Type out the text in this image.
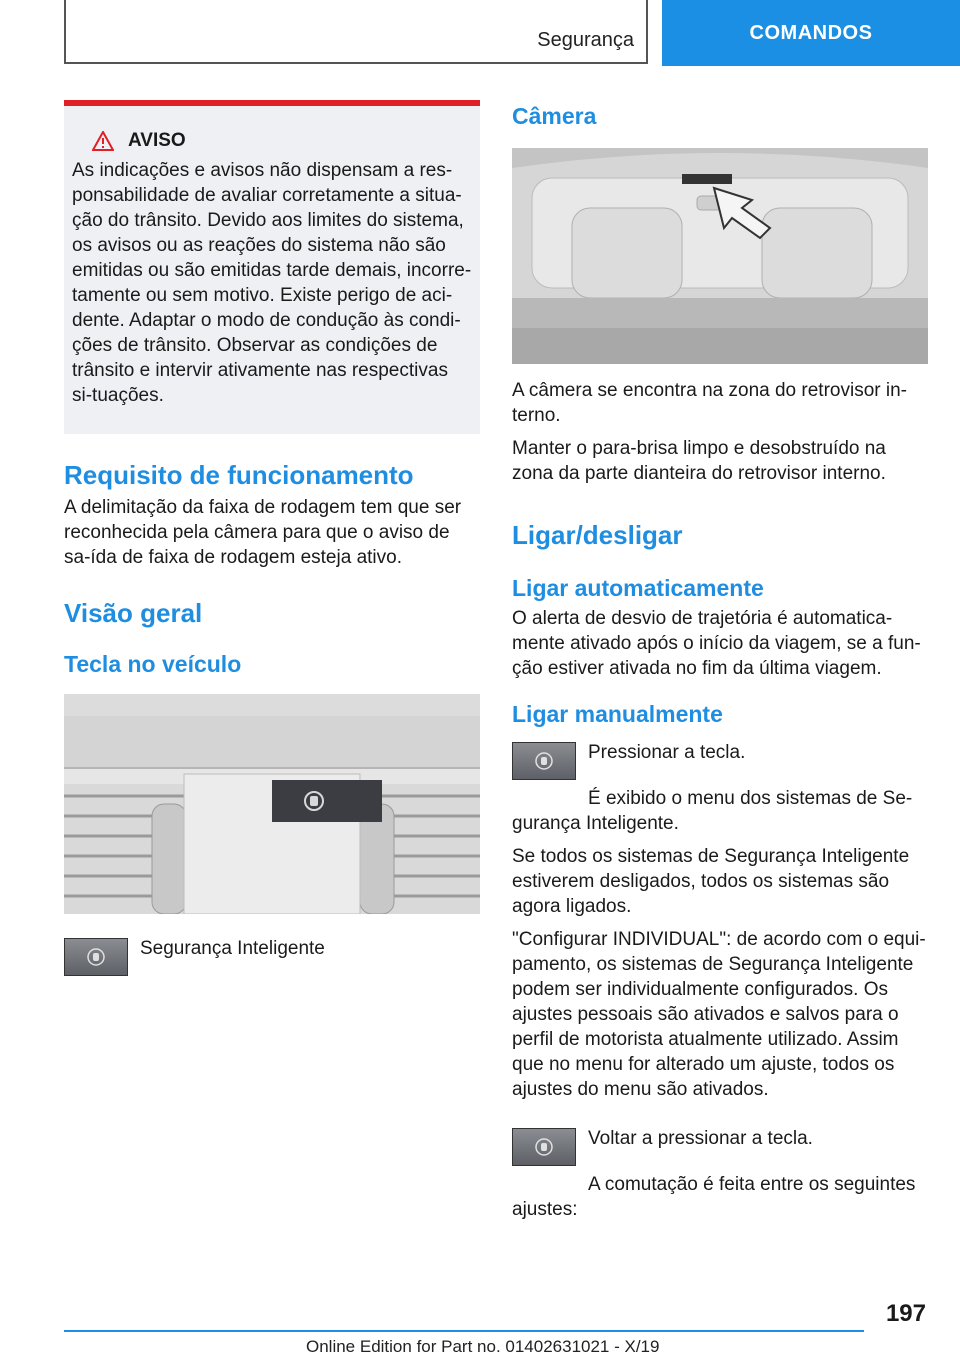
Segurança	COMANDOS
AVISO

As indicações e avisos não dispensam a res-ponsabilidade de avaliar corretamente a situa-ção do trânsito. Devido aos limites do sistema, os avisos ou as reações do sistema não são emitidas ou são emitidas tarde demais, incorre-tamente ou sem motivo. Existe perigo de aci-dente. Adaptar o modo de condução às condi-ções de trânsito. Observar as condições de trânsito e intervir ativamente nas respectivas si-tuações.

Requisito de funcionamento

A delimitação da faixa de rodagem tem que ser reconhecida pela câmera para que o aviso de sa-ída de faixa de rodagem esteja ativo.

Visão geral
Tecla no veículo

Segurança Inteligente

Câmera

A câmera se encontra na zona do retrovisor in-terno.

Manter o para-brisa limpo e desobstruído na zona da parte dianteira do retrovisor interno.

Ligar/desligar
Ligar automaticamente

O alerta de desvio de trajetória é automatica-mente ativado após o início da viagem, se a fun-ção estiver ativada no fim da última viagem.

Ligar manualmente

Pressionar a tecla.

É exibido o menu dos sistemas de Se-gurança Inteligente.

Se todos os sistemas de Segurança Inteligente estiverem desligados, todos os sistemas são agora ligados.

"Configurar INDIVIDUAL": de acordo com o equi-pamento, os sistemas de Segurança Inteligente podem ser individualmente configurados. Os ajustes pessoais são ativados e salvos para o perfil de motorista atualmente utilizado. Assim que no menu for alterado um ajuste, todos os ajustes do menu são ativados.

Voltar a pressionar a tecla.

A comutação é feita entre os seguintes ajustes:

197
Online Edition for Part no. 01402631021 - X/19
